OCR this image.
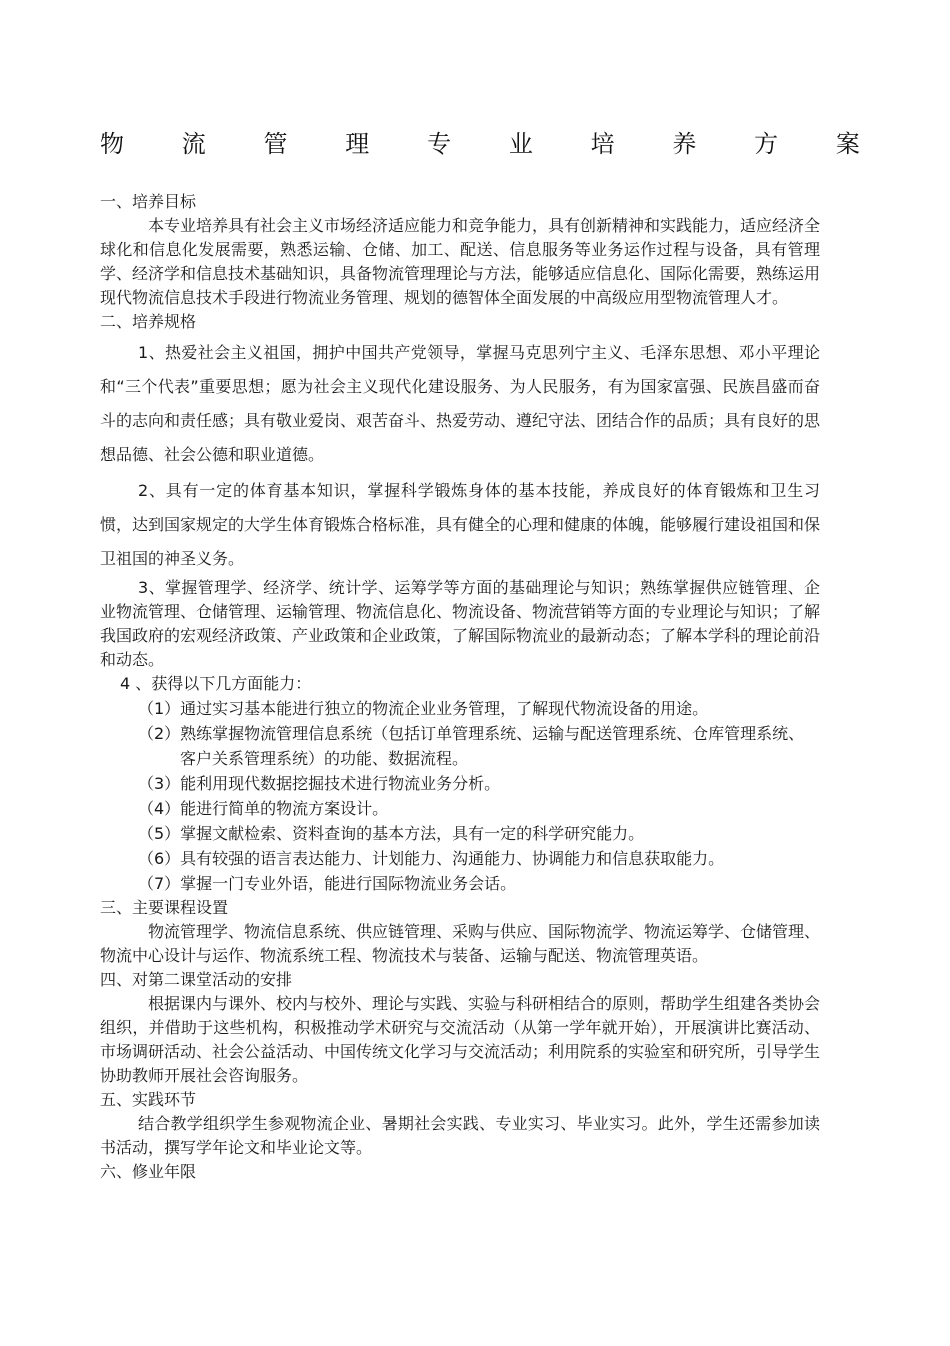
物 流 管 理 专 业 培 养 方 案

一、培养目标

本专业培养具有社会主义市场经济适应能力和竞争能力，具有创新精神和实践能力，适应经济全球化和信息化发展需要，熟悉运输、仓储、加工、配送、信息服务等业务运作过程与设备，具有管理学、经济学和信息技术基础知识，具备物流管理理论与方法，能够适应信息化、国际化需要，熟练运用现代物流信息技术手段进行物流业务管理、规划的德智体全面发展的中高级应用型物流管理人才。

二、培养规格

1、热爱社会主义祖国，拥护中国共产党领导，掌握马克思列宁主义、毛泽东思想、邓小平理论和“三个代表”重要思想；愿为社会主义现代化建设服务、为人民服务，有为国家富强、民族昌盛而奋斗的志向和责任感；具有敬业爱岗、艰苦奋斗、热爱劳动、遵纪守法、团结合作的品质；具有良好的思想品德、社会公德和职业道德。

2、具有一定的体育基本知识，掌握科学锻炼身体的基本技能，养成良好的体育锻炼和卫生习惯，达到国家规定的大学生体育锻炼合格标准，具有健全的心理和健康的体魄，能够履行建设祖国和保卫祖国的神圣义务。

3、掌握管理学、经济学、统计学、运筹学等方面的基础理论与知识；熟练掌握供应链管理、企业物流管理、仓储管理、运输管理、物流信息化、物流设备、物流营销等方面的专业理论与知识；了解我国政府的宏观经济政策、产业政策和企业政策，了解国际物流业的最新动态；了解本学科的理论前沿和动态。

4 、获得以下几方面能力：

（1）通过实习基本能进行独立的物流企业业务管理，了解现代物流设备的用途。

（2）熟练掌握物流管理信息系统（包括订单管理系统、运输与配送管理系统、仓库管理系统、客户关系管理系统）的功能、数据流程。

（3）能利用现代数据挖掘技术进行物流业务分析。

（4）能进行简单的物流方案设计。

（5）掌握文献检索、资料查询的基本方法，具有一定的科学研究能力。

（6）具有较强的语言表达能力、计划能力、沟通能力、协调能力和信息获取能力。

（7）掌握一门专业外语，能进行国际物流业务会话。

三、主要课程设置

物流管理学、物流信息系统、供应链管理、采购与供应、国际物流学、物流运筹学、仓储管理、物流中心设计与运作、物流系统工程、物流技术与装备、运输与配送、物流管理英语。

四、对第二课堂活动的安排

根据课内与课外、校内与校外、理论与实践、实验与科研相结合的原则，帮助学生组建各类协会组织，并借助于这些机构，积极推动学术研究与交流活动（从第一学年就开始），开展演讲比赛活动、市场调研活动、社会公益活动、中国传统文化学习与交流活动；利用院系的实验室和研究所，引导学生协助教师开展社会咨询服务。

五、实践环节

结合教学组织学生参观物流企业、暑期社会实践、专业实习、毕业实习。此外，学生还需参加读书活动，撰写学年论文和毕业论文等。

六、修业年限
